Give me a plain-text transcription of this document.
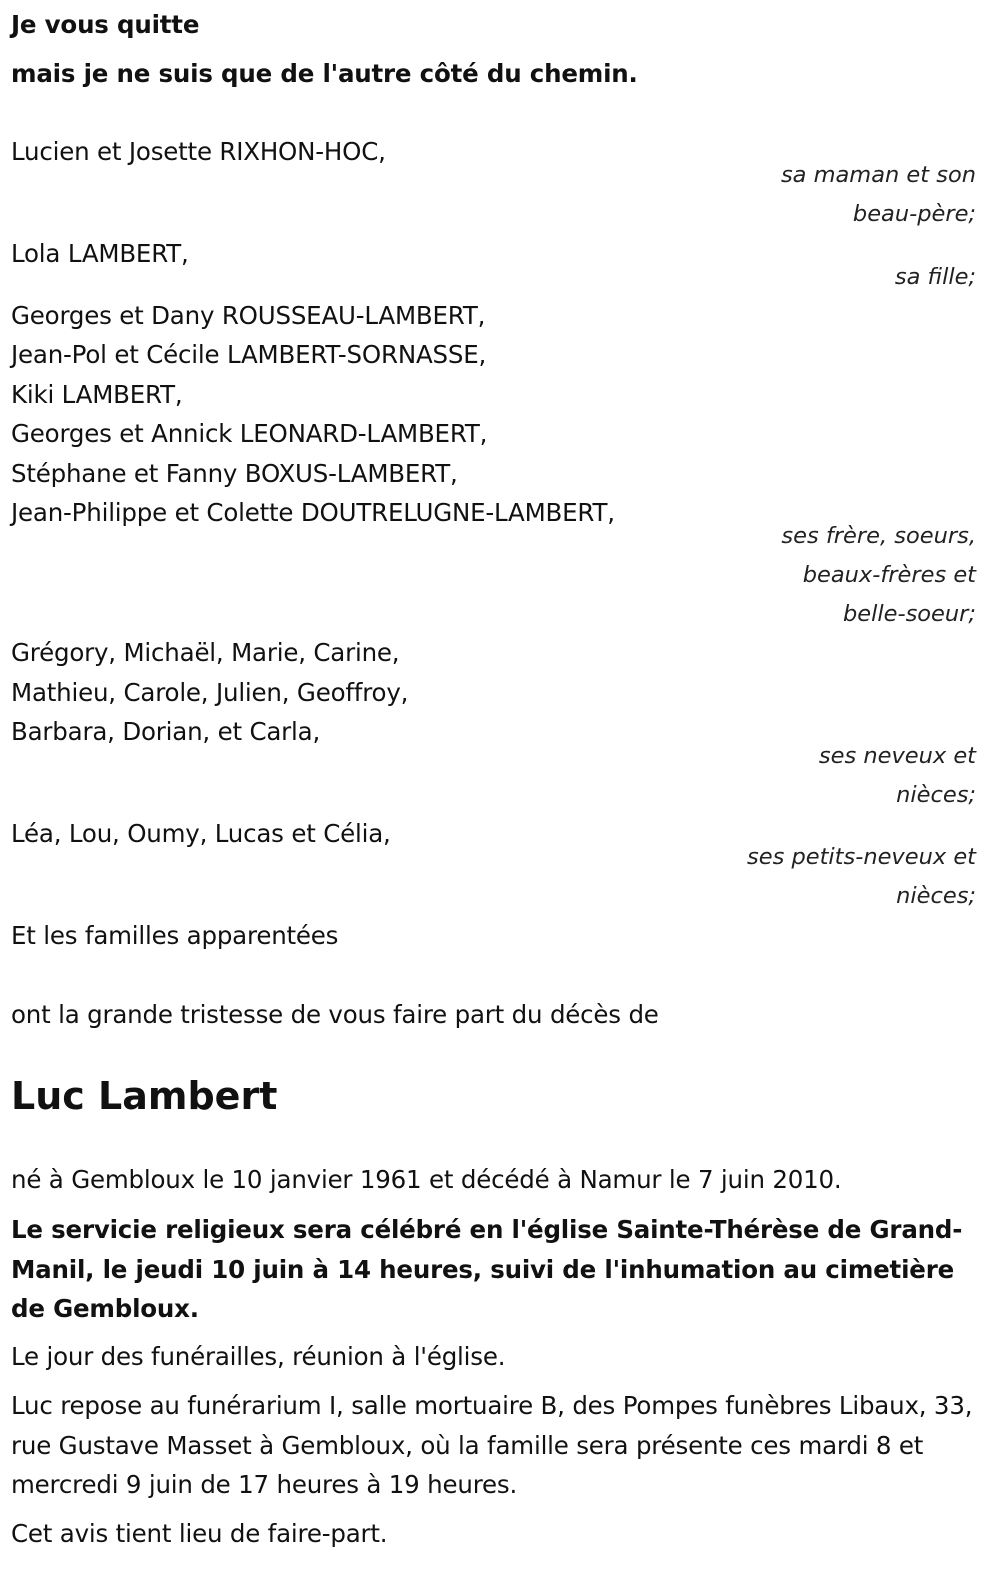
Je vous quitte
mais je ne suis que de l'autre côté du chemin.
Lucien et Josette RIXHON-HOC,
sa maman et son
beau-père;
Lola LAMBERT,
sa fille;
Georges et Dany ROUSSEAU-LAMBERT,
Jean-Pol et Cécile LAMBERT-SORNASSE,
Kiki LAMBERT,
Georges et Annick LEONARD-LAMBERT,
Stéphane et Fanny BOXUS-LAMBERT,
Jean-Philippe et Colette DOUTRELUGNE-LAMBERT,
ses frère, soeurs,
beaux-frères et
belle-soeur;
Grégory, Michaël, Marie, Carine,
Mathieu, Carole, Julien, Geoffroy,
Barbara, Dorian, et Carla,
ses neveux et
nièces;
Léa, Lou, Oumy, Lucas et Célia,
ses petits-neveux et
nièces;
Et les familles apparentées
ont la grande tristesse de vous faire part du décès de
Luc Lambert
né à Gembloux le 10 janvier 1961 et décédé à Namur le 7 juin 2010.
Le servicie religieux sera célébré en l'église Sainte-Thérèse de Grand-Manil, le jeudi 10 juin à 14 heures, suivi de l'inhumation au cimetière de Gembloux.
Le jour des funérailles, réunion à l'église.
Luc repose au funérarium I, salle mortuaire B, des Pompes funèbres Libaux, 33, rue Gustave Masset à Gembloux, où la famille sera présente ces mardi 8 et mercredi 9 juin de 17 heures à 19 heures.
Cet avis tient lieu de faire-part.
